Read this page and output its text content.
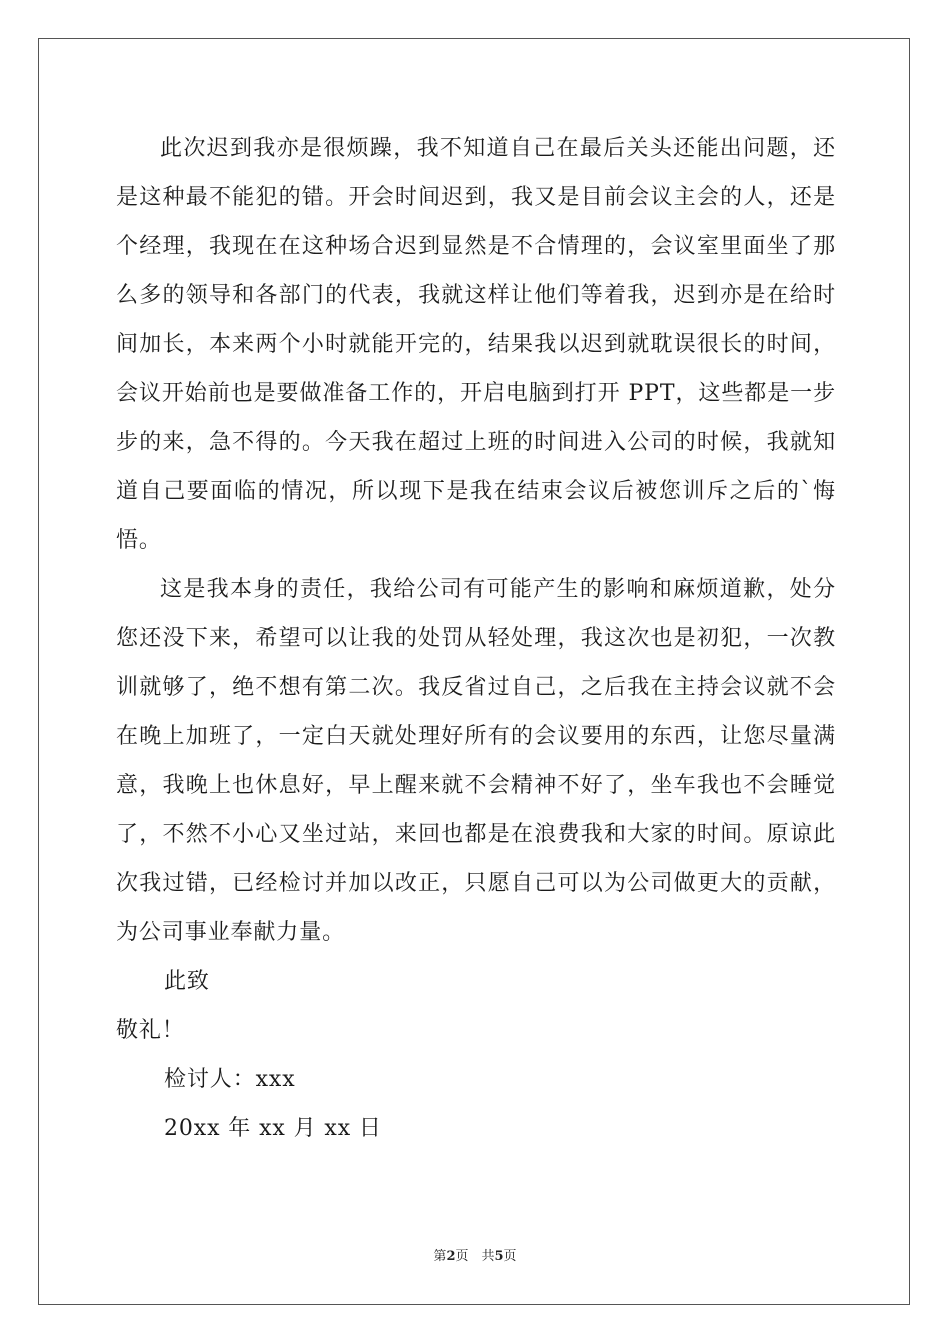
此次迟到我亦是很烦躁，我不知道自己在最后关头还能出问题，还是这种最不能犯的错。开会时间迟到，我又是目前会议主会的人，还是个经理，我现在在这种场合迟到显然是不合情理的，会议室里面坐了那么多的领导和各部门的代表，我就这样让他们等着我，迟到亦是在给时间加长，本来两个小时就能开完的，结果我以迟到就耽误很长的时间，会议开始前也是要做准备工作的，开启电脑到打开 PPT，这些都是一步步的来，急不得的。今天我在超过上班的时间进入公司的时候，我就知道自己要面临的情况，所以现下是我在结束会议后被您训斥之后的`悔悟。

这是我本身的责任，我给公司有可能产生的影响和麻烦道歉，处分您还没下来，希望可以让我的处罚从轻处理，我这次也是初犯，一次教训就够了，绝不想有第二次。我反省过自己，之后我在主持会议就不会在晚上加班了，一定白天就处理好所有的会议要用的东西，让您尽量满意，我晚上也休息好，早上醒来就不会精神不好了，坐车我也不会睡觉了，不然不小心又坐过站，来回也都是在浪费我和大家的时间。原谅此次我过错，已经检讨并加以改正，只愿自己可以为公司做更大的贡献，为公司事业奉献力量。

此致

敬礼！

检讨人：xxx

20xx 年 xx 月 xx 日

第2页　共5页
